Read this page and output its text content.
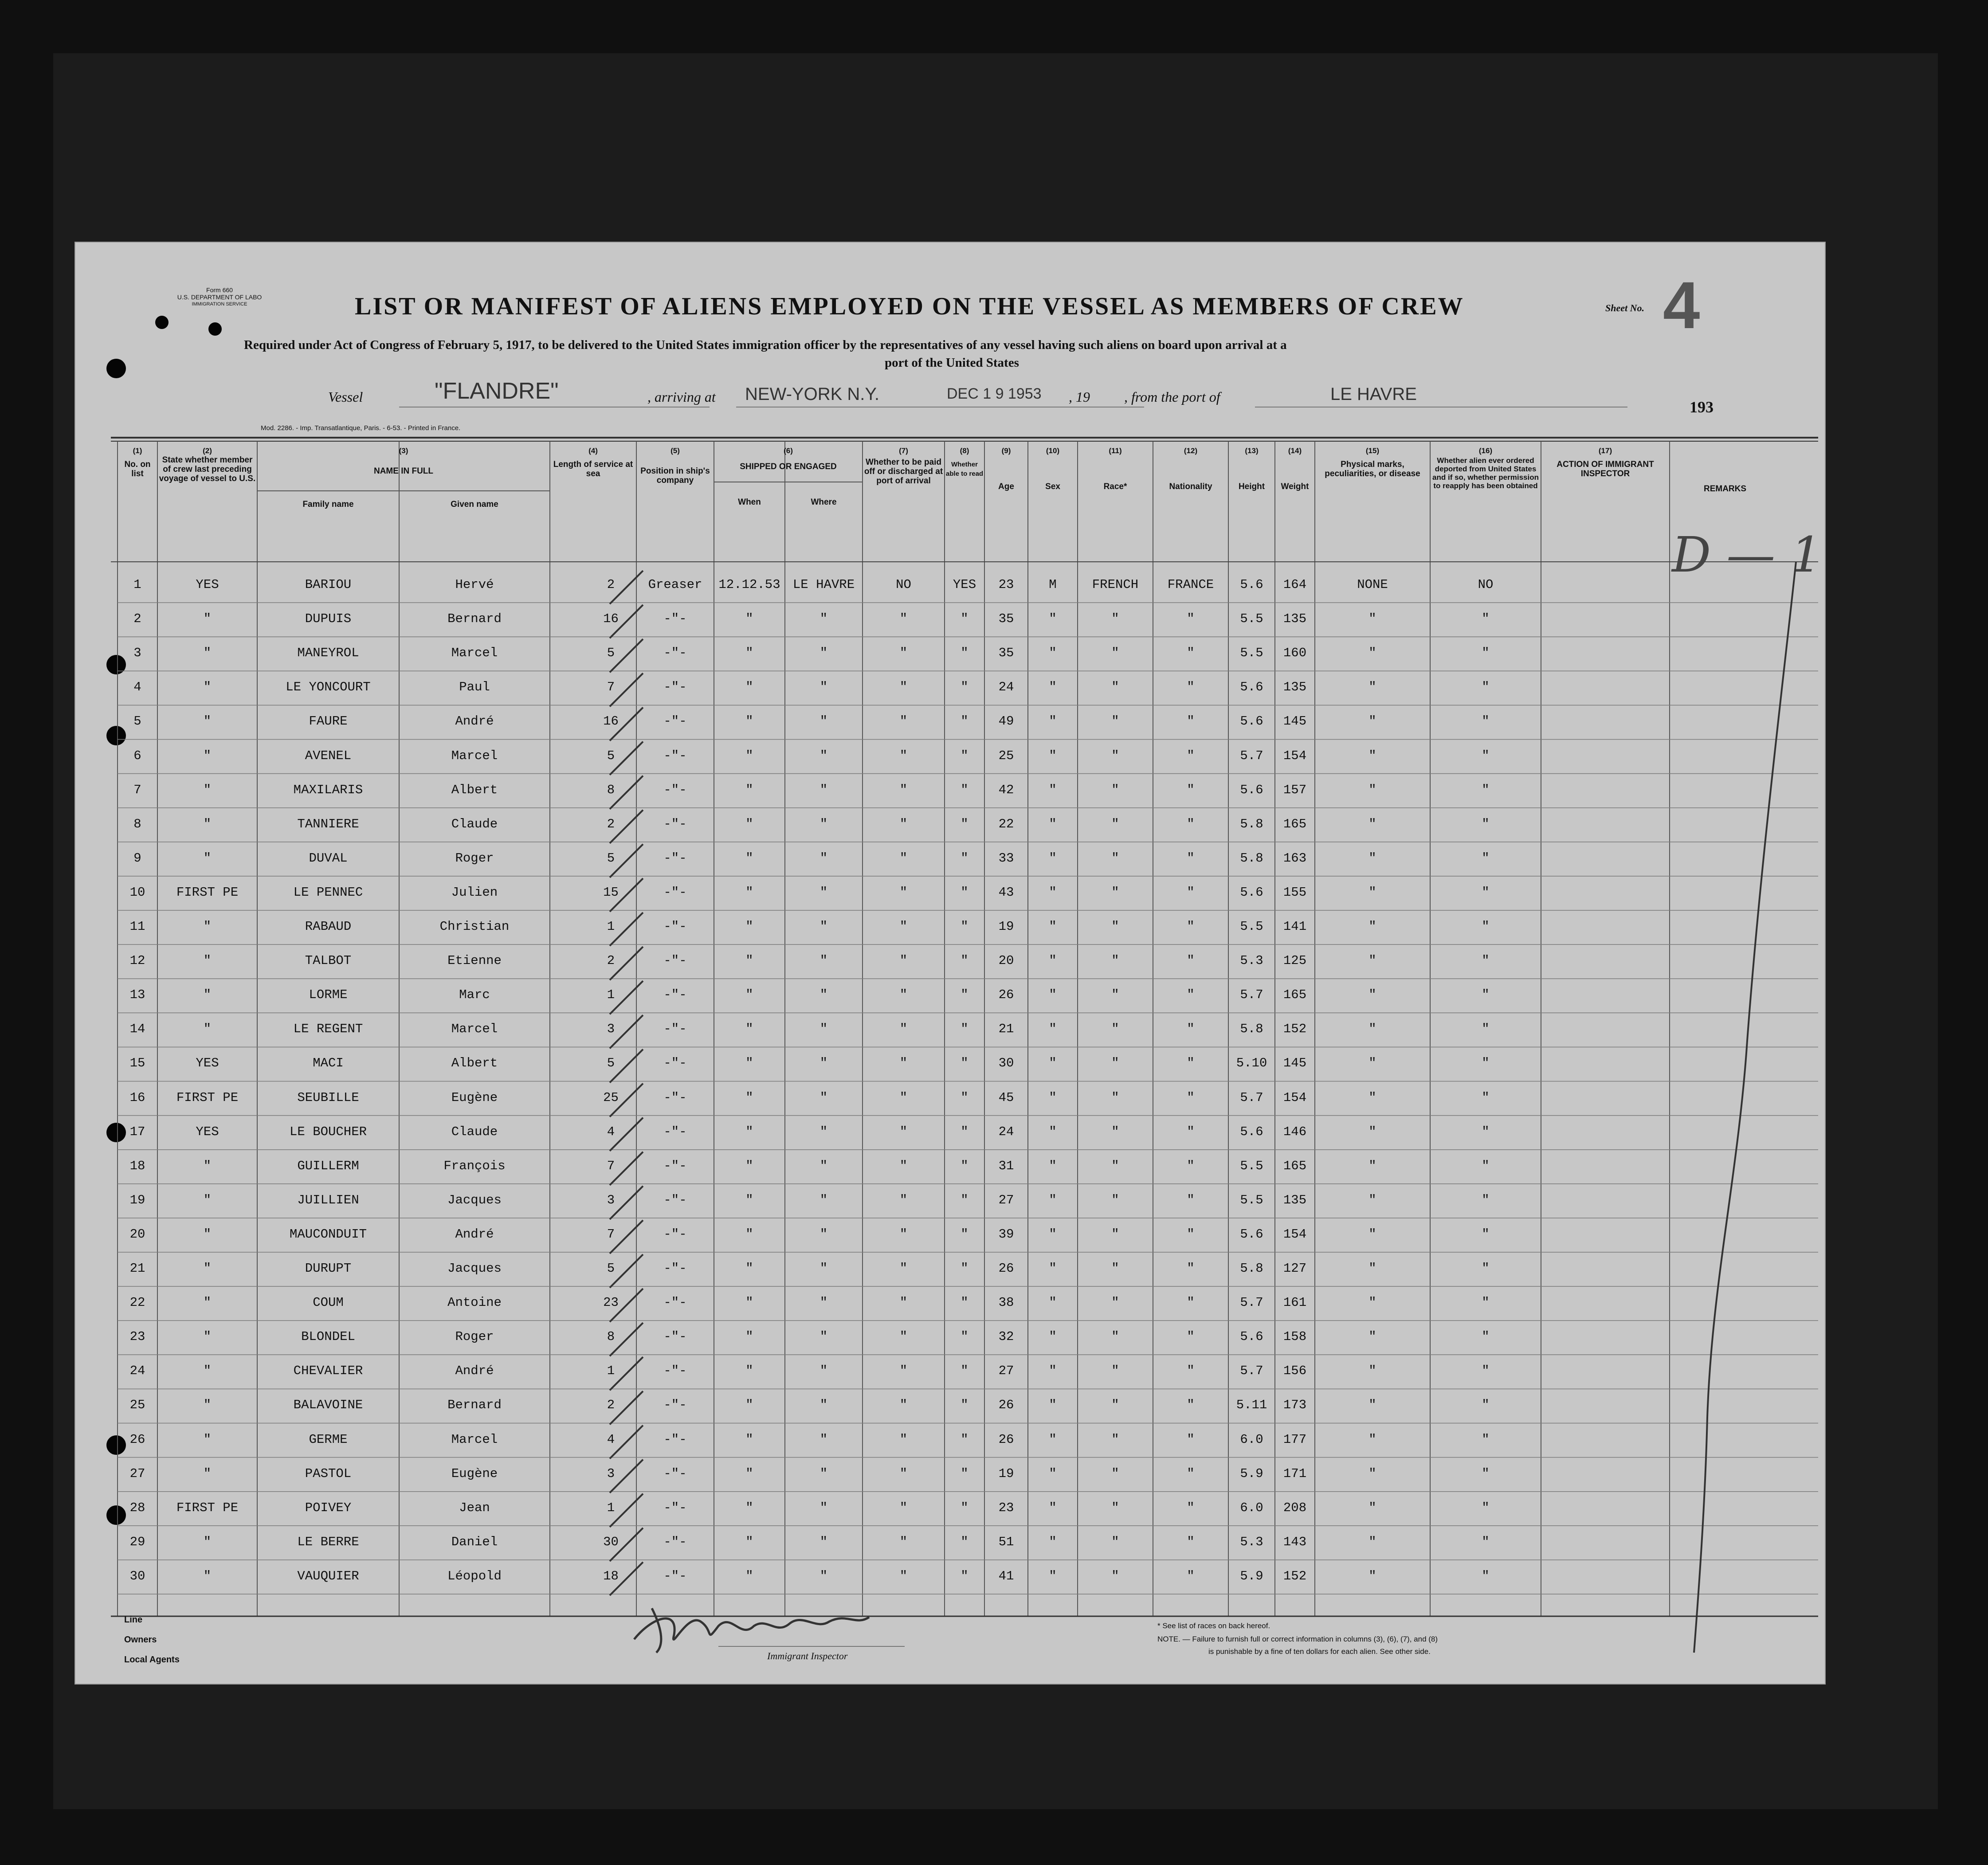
Form 660
U.S. DEPARTMENT OF LABO
IMMIGRATION SERVICE	LIST OR MANIFEST OF ALIENS EMPLOYED ON THE VESSEL AS MEMBERS OF CREW	Sheet No. 4
Required under Act of Congress of February 5, 1917, to be delivered to the United States immigration officer by the representatives of any vessel having such aliens on board upon arrival at a
port of the United States
Vessel	"FLANDRE"	, arriving at NEW-YORK N.Y.	DEC 1 9 1953 , 19 , from the port of	LE HAVRE
193
Mod. 2286. - Imp. Transatlantique, Paris. - 6-53. - Printed in France.
(1)	(2)	(3)	(4)	(5)	(6)	(7)	(8)	(9)	(10)	(11)	(12)	(13)	(14)	(15)	(16)	(17)
No. on list
State whether member of crew last preceding voyage of vessel to U.S.
NAME IN FULL
Family name	Given name
Length of service at sea	Position in ship's company
SHIPPED OR ENGAGED
When	Where
Whether to be paid off or discharged at port of arrival
Whether able to read
Age	Sex	Race*	Nationality	Height	Weight
Physical marks, peculiarities, or disease
Whether alien ever ordered deported from United States and if so, whether permission to reapply has been obtained
ACTION OF IMMIGRANT INSPECTOR
REMARKS
1	YES	BARIOU	Hervé	2	Greaser	12.12.53 LE HAVRE	NO	YES	23	M	FRENCH	FRANCE	5.6	164	NONE	NO
2	"	DUPUIS	Bernard	16	-"-	"	"	"	"	35	"	"	"	5.5	135	"	"
3	"	MANEYROL	Marcel	5	-"-	"	"	"	"	35	"	"	"	5.5	160	"	"
4	"	LE YONCOURT	Paul	7	-"-	"	"	"	"	24	"	"	"	5.6	135	"	"
5	"	FAURE	André	16	-"-	"	"	"	"	49	"	"	"	5.6	145	"	"
6	"	AVENEL	Marcel	5	-"-	"	"	"	"	25	"	"	"	5.7	154	"	"
7	"	MAXILARIS	Albert	8	-"-	"	"	"	"	42	"	"	"	5.6	157	"	"
8	"	TANNIERE	Claude	2	-"-	"	"	"	"	22	"	"	"	5.8	165	"	"
9	"	DUVAL	Roger	5	-"-	"	"	"	"	33	"	"	"	5.8	163	"	"
10	FIRST PE	LE PENNEC	Julien	15	-"-	"	"	"	"	43	"	"	"	5.6	155	"	"
11	"	RABAUD	Christian	1	-"-	"	"	"	"	19	"	"	"	5.5	141	"	"
12	"	TALBOT	Etienne	2	-"-	"	"	"	"	20	"	"	"	5.3	125	"	"
13	"	LORME	Marc	1	-"-	"	"	"	"	26	"	"	"	5.7	165	"	"
14	"	LE REGENT	Marcel	3	-"-	"	"	"	"	21	"	"	"	5.8	152	"	"
15	YES	MACI	Albert	5	-"-	"	"	"	"	30	"	"	"	5.10	145	"	"
16	FIRST PE	SEUBILLE	Eugène	25	-"-	"	"	"	"	45	"	"	"	5.7	154	"	"
17	YES	LE BOUCHER	Claude	4	-"-	"	"	"	"	24	"	"	"	5.6	146	"	"
18	"	GUILLERM	François	7	-"-	"	"	"	"	31	"	"	"	5.5	165	"	"
19	"	JUILLIEN	Jacques	3	-"-	"	"	"	"	27	"	"	"	5.5	135	"	"
20	"	MAUCONDUIT	André	7	-"-	"	"	"	"	39	"	"	"	5.6	154	"	"
21	"	DURUPT	Jacques	5	-"-	"	"	"	"	26	"	"	"	5.8	127	"	"
22	"	COUM	Antoine	23	-"-	"	"	"	"	38	"	"	"	5.7	161	"	"
23	"	BLONDEL	Roger	8	-"-	"	"	"	"	32	"	"	"	5.6	158	"	"
24	"	CHEVALIER	André	1	-"-	"	"	"	"	27	"	"	"	5.7	156	"	"
25	"	BALAVOINE	Bernard	2	-"-	"	"	"	"	26	"	"	"	5.11	173	"	"
26	"	GERME	Marcel	4	-"-	"	"	"	"	26	"	"	"	6.0	177	"	"
27	"	PASTOL	Eugène	3	-"-	"	"	"	"	19	"	"	"	5.9	171	"	"
28	FIRST PE	POIVEY	Jean	1	-"-	"	"	"	"	23	"	"	"	6.0	208	"	"
29	"	LE BERRE	Daniel	30	-"-	"	"	"	"	51	"	"	"	5.3	143	"	"
30	"	VAUQUIER	Léopold	18	-"-	"	"	"	"	41	"	"	"	5.9	152	"	"
D — 1
Line
Owners
Local Agents	Immigrant Inspector
* See list of races on back hereof.
NOTE. — Failure to furnish full or correct information in columns (3), (6), (7), and (8)
is punishable by a fine of ten dollars for each alien. See other side.
